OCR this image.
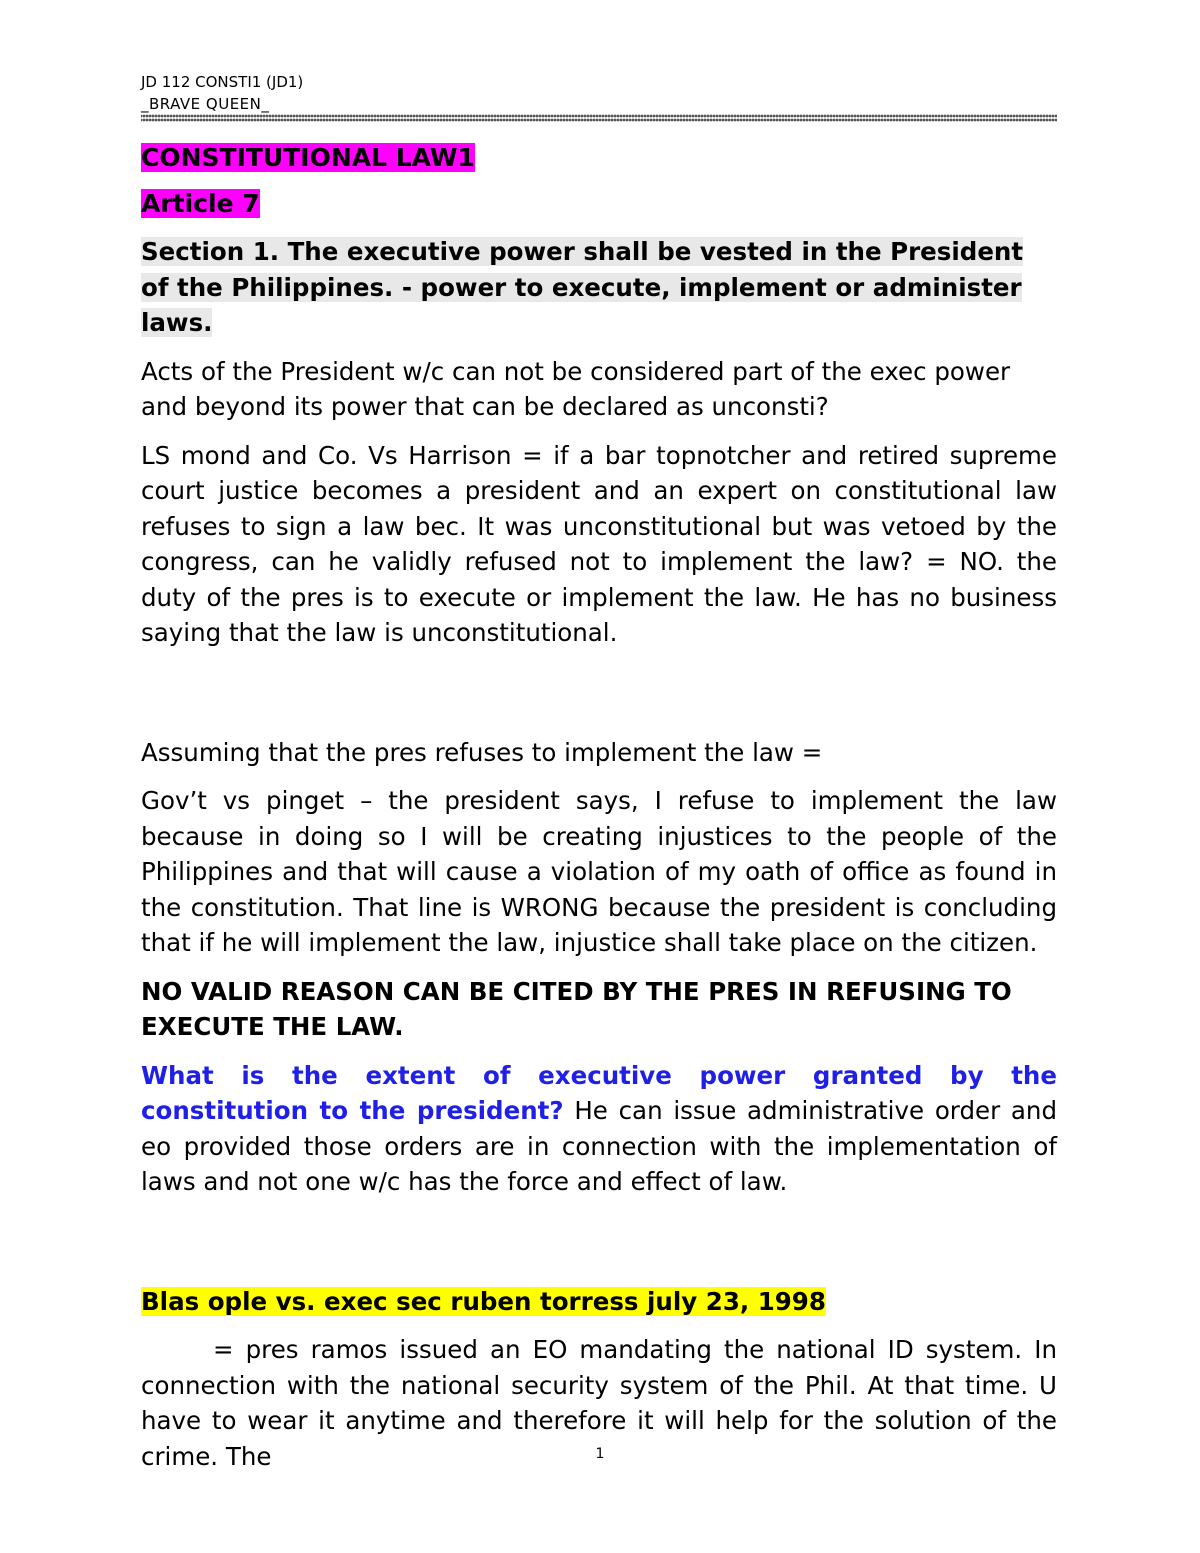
JD 112 CONSTI1 (JD1)
_BRAVE QUEEN_

CONSTITUTIONAL LAW1

Article 7

Section 1. The executive power shall be vested in the President of the Philippines. - power to execute, implement or administer laws.

Acts of the President w/c can not be considered part of the exec power and beyond its power that can be declared as unconsti?

LS mond and Co. Vs Harrison = if a bar topnotcher and retired supreme court justice becomes a president and an expert on constitutional law refuses to sign a law bec. It was unconstitutional but was vetoed by the congress, can he validly refused not to implement the law? = NO. the duty of the pres is to execute or implement the law. He has no business saying that the law is unconstitutional.

Assuming that the pres refuses to implement the law =

Gov’t vs pinget – the president says, I refuse to implement the law because in doing so I will be creating injustices to the people of the Philippines and that will cause a violation of my oath of office as found in the constitution. That line is WRONG because the president is concluding that if he will implement the law, injustice shall take place on the citizen.

NO VALID REASON CAN BE CITED BY THE PRES IN REFUSING TO EXECUTE THE LAW.

What is the extent of executive power granted by the constitution to the president? He can issue administrative order and eo provided those orders are in connection with the implementation of laws and not one w/c has the force and effect of law.

Blas ople vs. exec sec ruben torress july 23, 1998

= pres ramos issued an EO mandating the national ID system. In connection with the national security system of the Phil. At that time. U have to wear it anytime and therefore it will help for the solution of the crime. The	1
